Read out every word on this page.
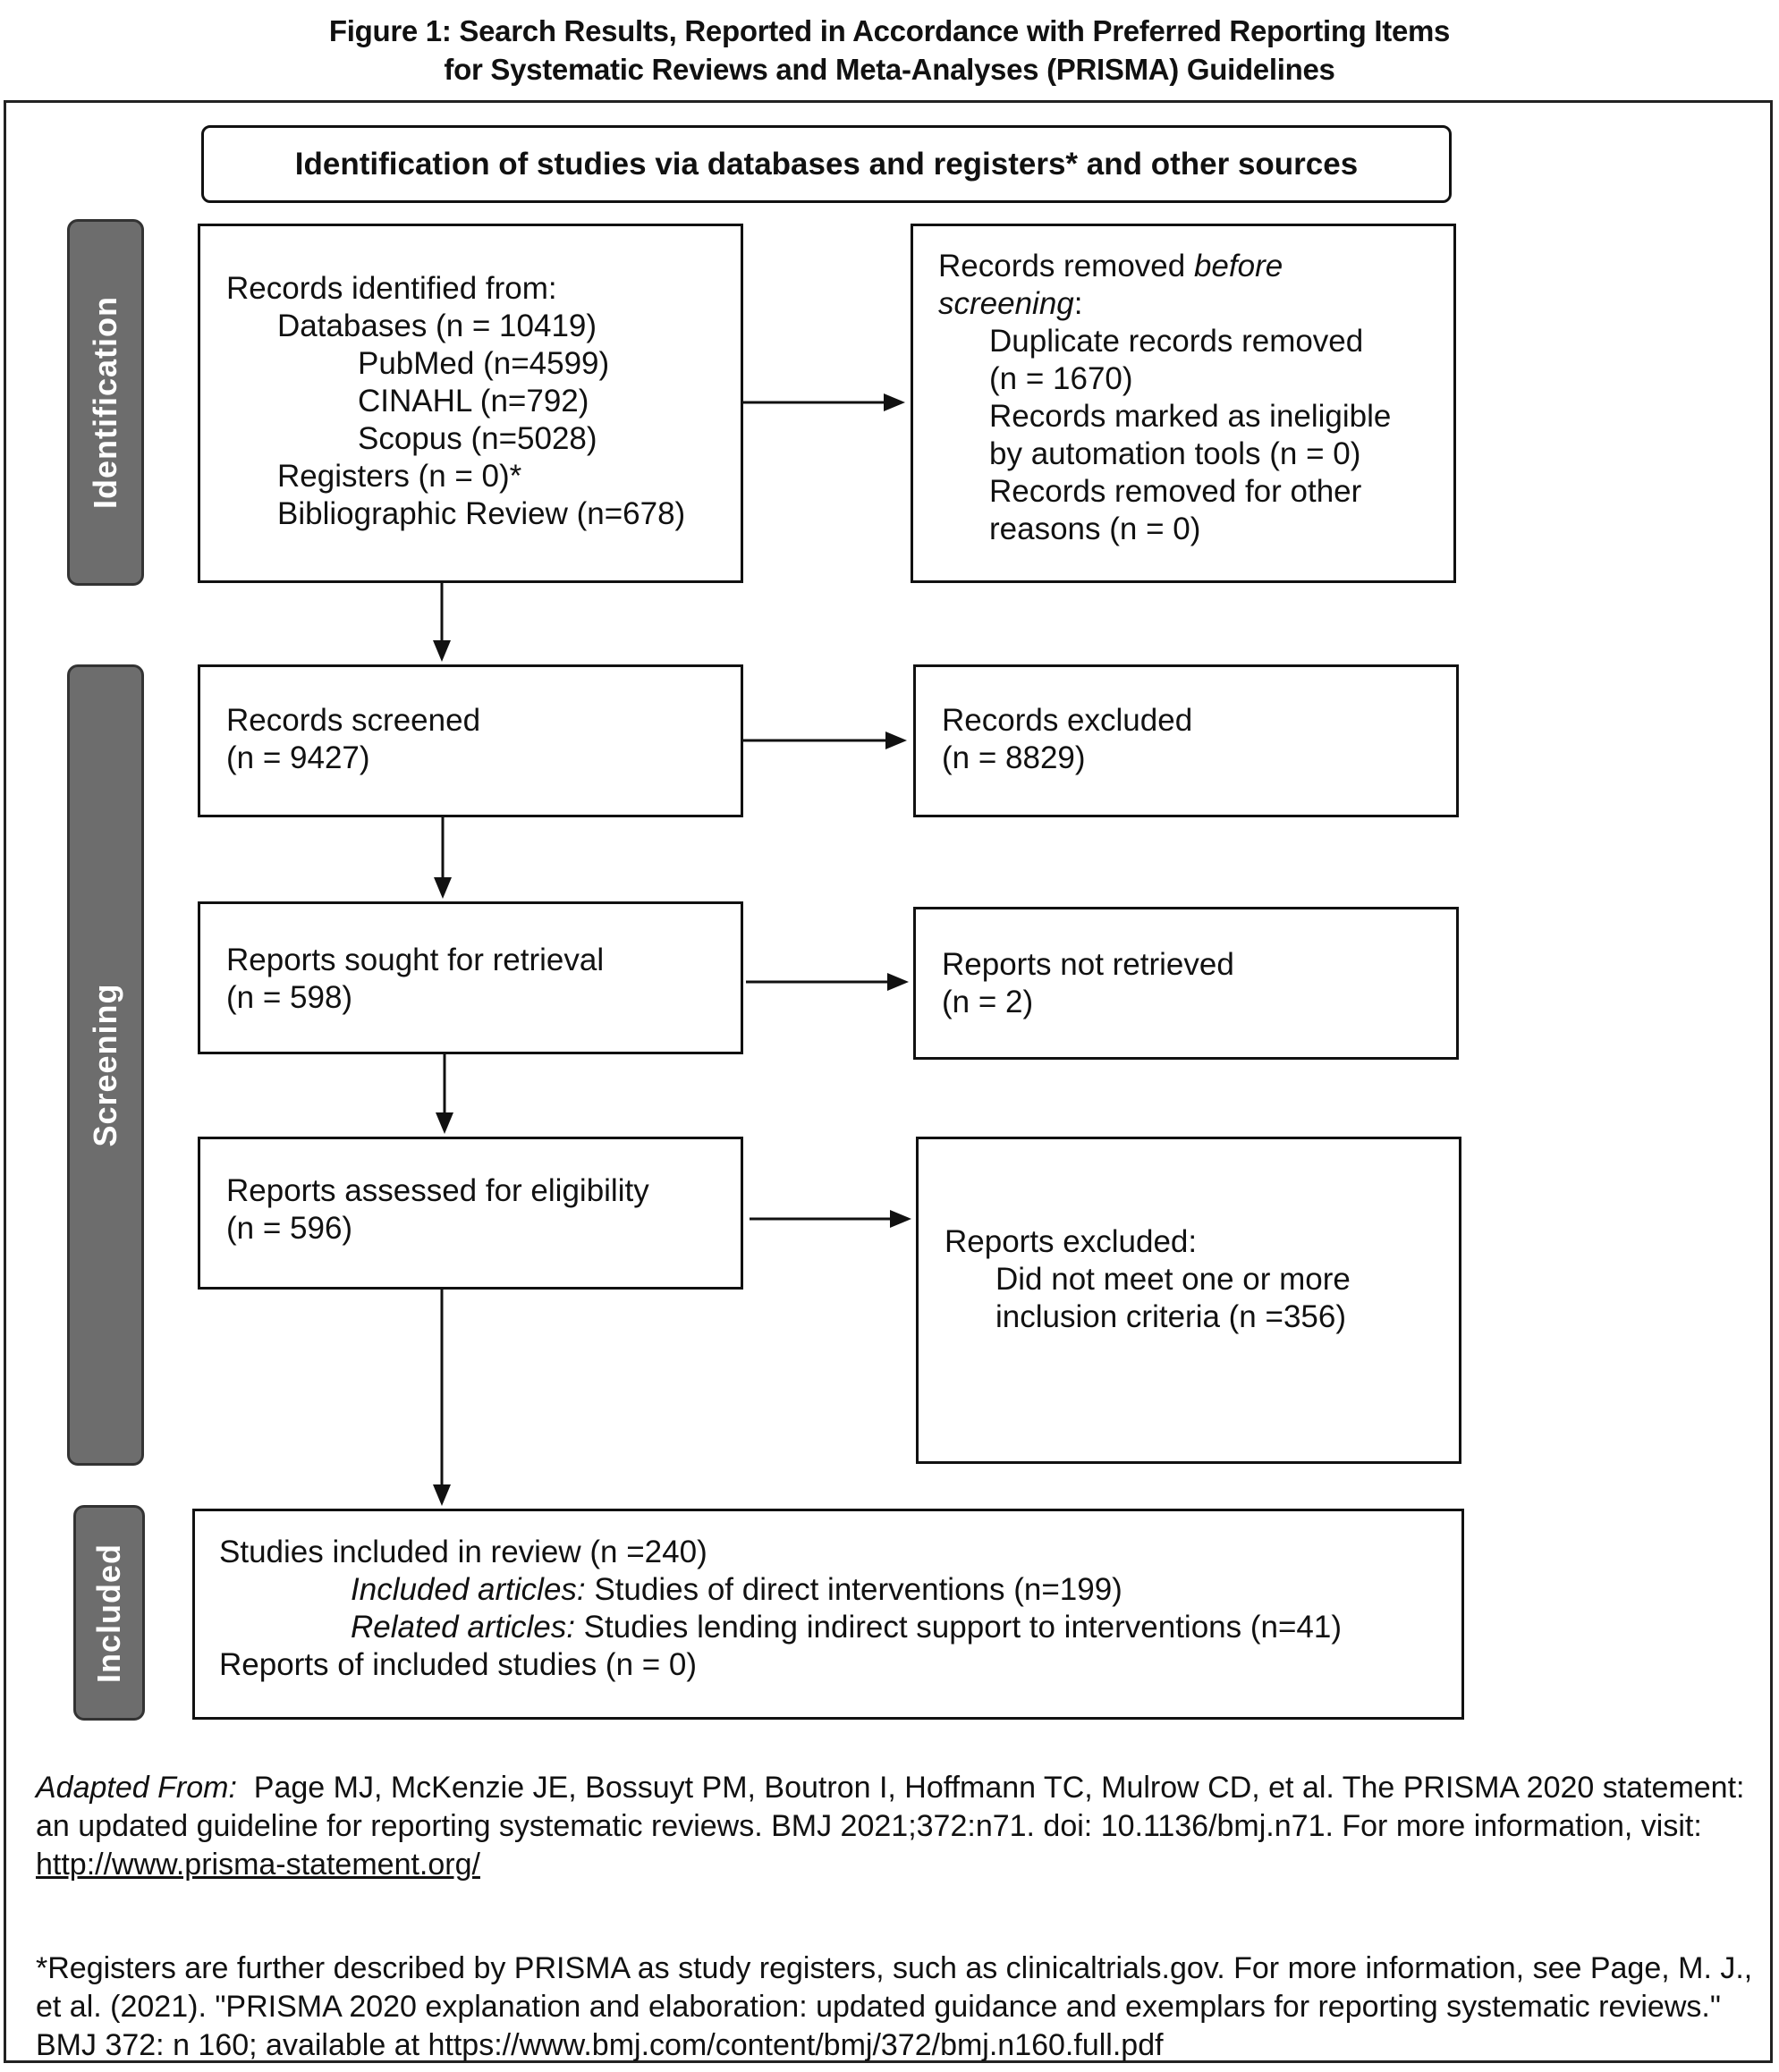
Figure 1: Search Results, Reported in Accordance with Preferred Reporting Items
for Systematic Reviews and Meta-Analyses (PRISMA) Guidelines
Identification of studies via databases and registers* and other sources
Identification
Screening
Included
Records identified from:
Databases (n = 10419)
PubMed (n=4599)
CINAHL (n=792)
Scopus (n=5028)
Registers (n = 0)*
Bibliographic Review (n=678)
Records removed before
screening:
Duplicate records removed
(n = 1670)
Records marked as ineligible
by automation tools (n = 0)
Records removed for other
reasons (n = 0)
Records screened
(n = 9427)
Records excluded
(n = 8829)
Reports sought for retrieval
(n = 598)
Reports not retrieved
(n = 2)
Reports assessed for eligibility
(n = 596)	Reports excluded:
Did not meet one or more
inclusion criteria (n =356)
Studies included in review (n =240)
Included articles: Studies of direct interventions (n=199)
Related articles: Studies lending indirect support to interventions (n=41)
Reports of included studies (n = 0)
Adapted From:  Page MJ, McKenzie JE, Bossuyt PM, Boutron I, Hoffmann TC, Mulrow CD, et al. The PRISMA 2020 statement: an updated guideline for reporting systematic reviews. BMJ 2021;372:n71. doi: 10.1136/bmj.n71. For more information, visit: http://www.prisma-statement.org/
*Registers are further described by PRISMA as study registers, such as clinicaltrials.gov. For more information, see Page, M. J., et al. (2021). "PRISMA 2020 explanation and elaboration: updated guidance and exemplars for reporting systematic reviews." BMJ 372: n 160; available at https://www.bmj.com/content/bmj/372/bmj.n160.full.pdf
